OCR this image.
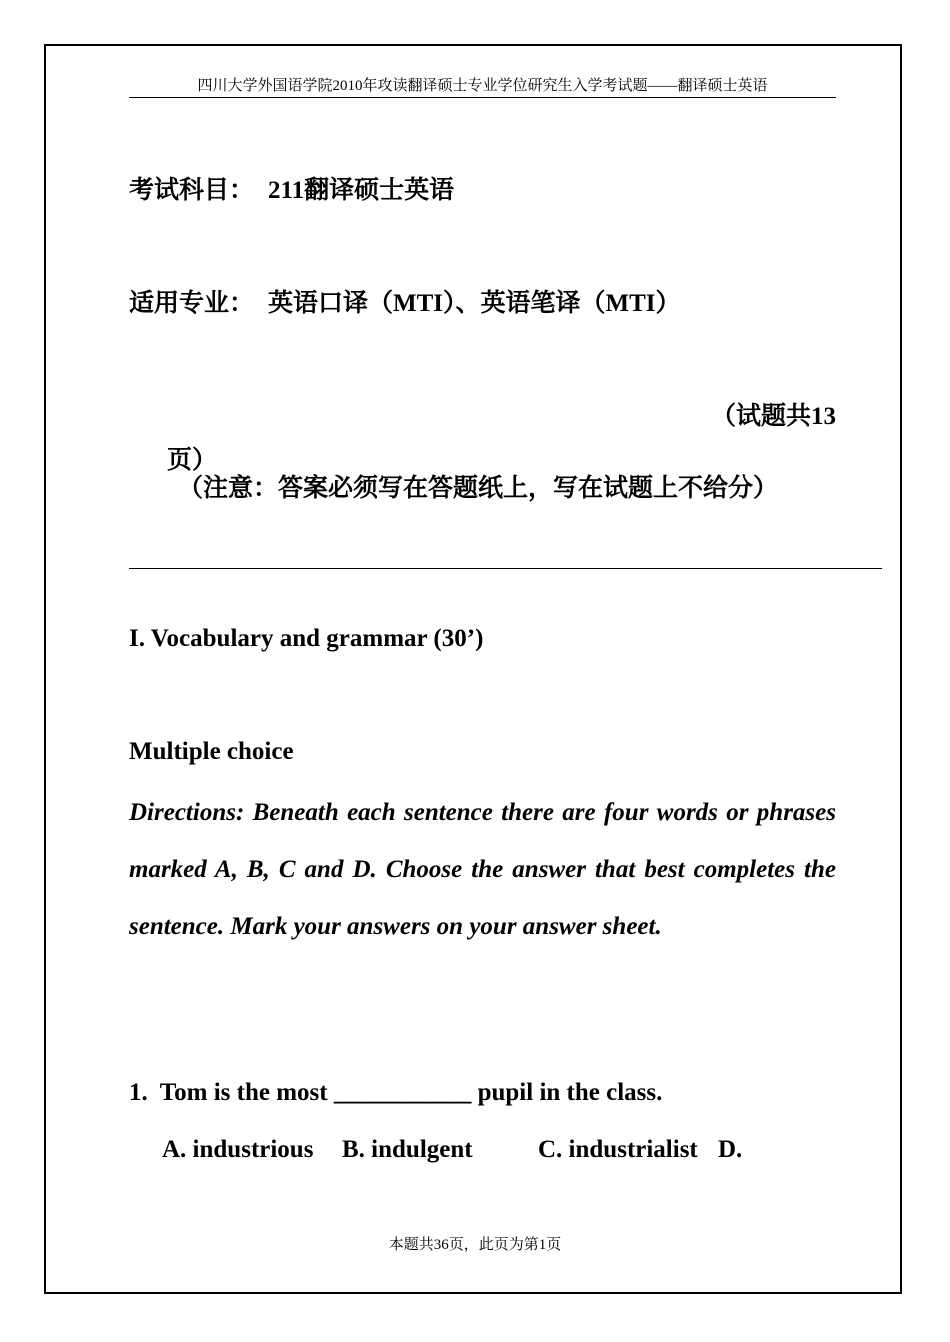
四川大学外国语学院2010年攻读翻译硕士专业学位研究生入学考试题——翻译硕士英语
考试科目： 211翻译硕士英语
适用专业： 英语口译（MTI）、英语笔译（MTI）
（试题共13
页）
（注意：答案必须写在答题纸上，写在试题上不给分）
I. Vocabulary and grammar (30’)
Multiple choice
Directions: Beneath each sentence there are four words or phrases marked A, B, C and D. Choose the answer that best completes the sentence. Mark your answers on your answer sheet.
1. Tom is the most ___________ pupil in the class.
A. industrious B. indulgent	C. industrialist D.
本题共36页，此页为第1页
